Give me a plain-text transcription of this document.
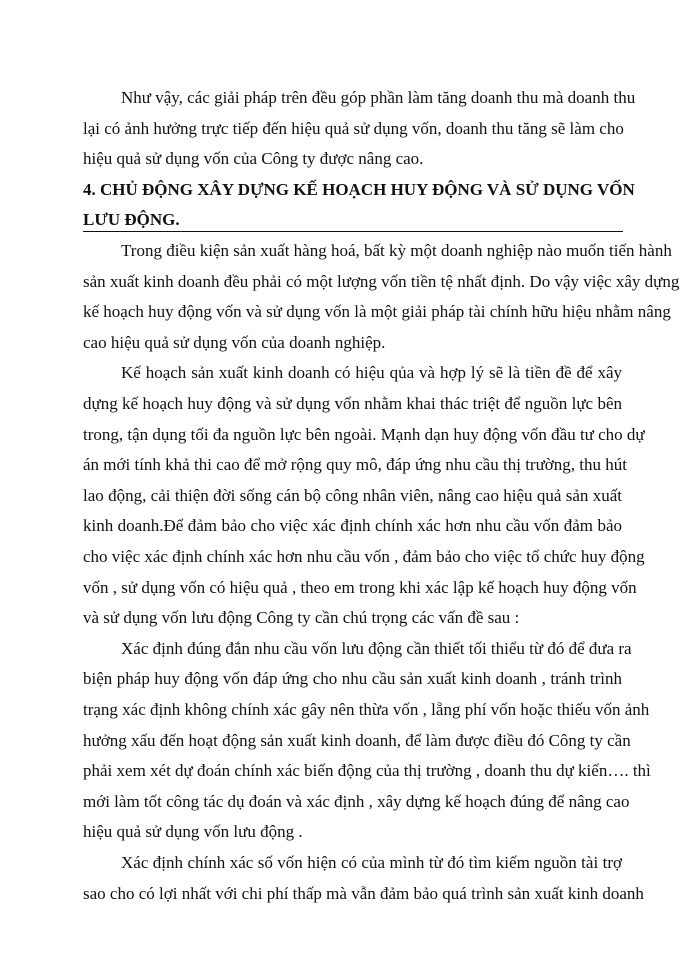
Như vậy, các giải pháp trên đều góp phần làm tăng doanh thu mà doanh thu
lại có ảnh hưởng trực tiếp đến hiệu quả sử dụng vốn, doanh thu tăng sẽ làm cho
hiệu quả sử dụng vốn của Công ty được nâng cao.
4. CHỦ ĐỘNG XÂY DỰNG KẾ HOẠCH HUY ĐỘNG VÀ SỬ DỤNG VỐN
LƯU ĐỘNG.
Trong điều kiện sản xuất hàng hoá, bất kỳ một doanh nghiệp nào muốn tiến hành
sản xuất kinh doanh đều phải có một lượng vốn tiền tệ nhất định. Do vậy việc xây dựng
kế hoạch huy động vốn và sử dụng vốn là một giải pháp tài chính hữu hiệu nhằm nâng
cao hiệu quả sử dụng vốn của doanh nghiệp.
Kế hoạch sản xuất kinh doanh có hiệu qủa và hợp lý sẽ là tiền đề để xây
dựng kế hoạch huy động và sử dụng vốn nhằm khai thác triệt để nguồn lực bên
trong, tận dụng tối đa nguồn lực bên ngoài. Mạnh dạn huy động vốn đầu tư cho dự
án mới tính khả thi cao để mở rộng quy mô, đáp ứng nhu cầu thị trường, thu hút
lao động, cải thiện đời sống cán bộ công nhân viên, nâng cao hiệu quả sản xuất
kinh doanh.Để đảm bảo cho việc xác định chính xác hơn nhu cầu vốn đảm bảo
cho việc xác định chính xác hơn nhu cầu vốn , đảm bảo cho việc tổ chức huy động
vốn , sử dụng vốn có hiệu quả , theo em trong khi xác lập kế hoạch huy động vốn
và sử dụng vốn lưu động Công ty cần chú trọng các vấn đề sau :
Xác định đúng đắn nhu cầu vốn lưu động cần thiết tối thiểu từ đó để đưa ra
biện pháp huy động vốn đáp ứng cho nhu cầu sản xuất kinh doanh , tránh trình
trạng xác định không chính xác gây nên thừa vốn , lẵng phí vốn hoặc thiếu vốn ảnh
hưởng xấu đến hoạt động sản xuất kinh doanh, để làm được điều đó Công ty cần
phải xem xét dự đoán chính xác biến động của thị trường , doanh thu dự kiến…. thì
mới làm tốt công tác dụ đoán và xác định , xây dựng kế hoạch đúng để nâng cao
hiệu quả sử dụng vốn lưu động .
Xác định chính xác số vốn hiện có của mình từ đó tìm kiếm nguồn tài trợ
sao cho có lợi nhất với chi phí thấp mà vẫn đảm bảo quá trình sản xuất kinh doanh
